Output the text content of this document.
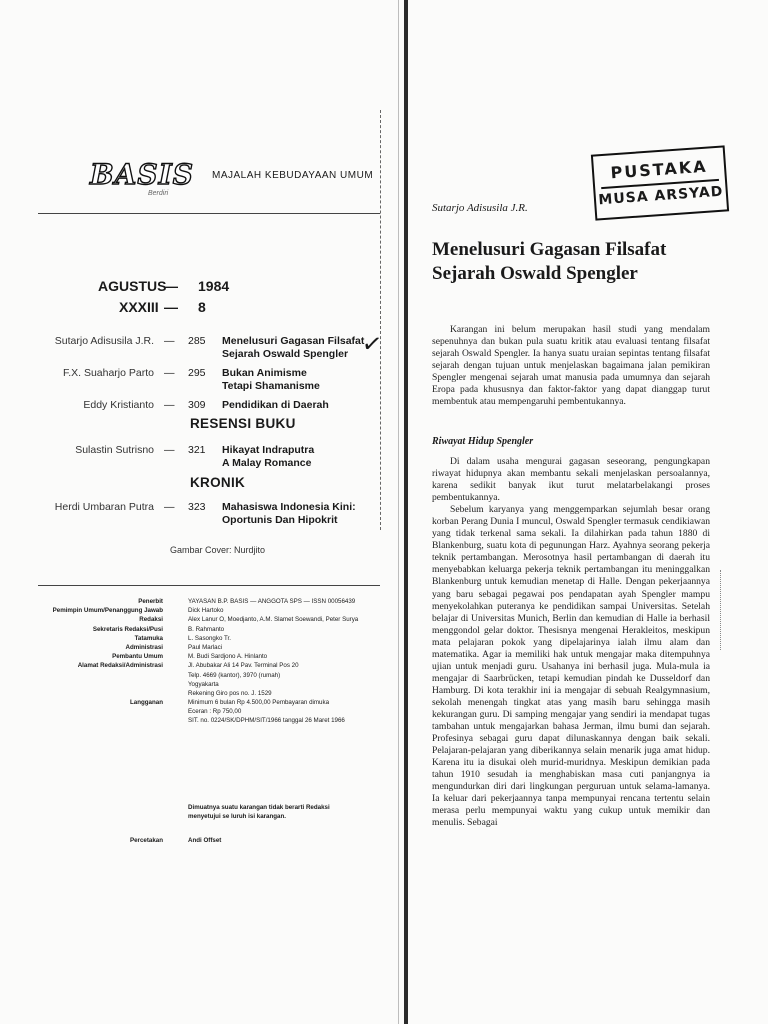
BASIS
Berdiri
MAJALAH KEBUDAYAAN UMUM
AGUSTUS
— 1984
XXXIII — 8
Sutarjo Adisusila J.R. — 285	Menelusuri Gagasan Filsafat Sejarah Oswald Spengler ✓
F.X. Suaharjo Parto — 295	Bukan Animisme Tetapi Shamanisme
Eddy Kristianto — 309	Pendidikan di Daerah
RESENSI BUKU
Sulastin Sutrisno — 321	Hikayat Indraputra A Malay Romance
KRONIK
Herdi Umbaran Putra — 323	Mahasiswa Indonesia Kini: Oportunis Dan Hipokrit
Gambar Cover: Nurdjito
Penerbit	YAYASAN B.P. BASIS — ANGGOTA SPS — ISSN 00056439
Pemimpin Umum/Penanggung Jawab	Dick Hartoko
Redaksi	Alex Lanur O, Moedjanto, A.M. Slamet Soewandi, Peter Surya
Sekretaris Redaksi/Pusi	B. Rahmanto
Tatamuka	L. Sasongko Tr.
Administrasi	Paul Marlaci
Pembantu Umum	M. Budi Sardjono A. Hinlanto
Alamat Redaksi/Administrasi	Jl. Abubakar Ali 14 Pav. Terminal Pos 20
Telp. 4669 (kantor), 3970 (rumah)
Yogyakarta
Rekening Giro pos no. J. 1529
Langganan	Minimum 6 bulan Rp 4.500,00 Pembayaran dimuka
Eceran : Rp 750,00
SIT. no. 0224/SK/DPHM/SIT/1966 tanggal 26 Maret 1966
Dimuatnya suatu karangan tidak berarti Redaksi menyetujui se luruh isi karangan.
Percetakan	Andi Offset
PUSTAKA
MUSA ARSYAD
Sutarjo Adisusila J.R.
Menelusuri Gagasan Filsafat Sejarah Oswald Spengler

Karangan ini belum merupakan hasil studi yang mendalam sepenuhnya dan bukan pula suatu kritik atau evaluasi tentang filsafat sejarah Oswald Spengler. Ia hanya suatu uraian sepintas tentang filsafat sejarah dengan tujuan untuk menjelaskan bagaimana jalan pemikiran Spengler mengenai sejarah umat manusia pada umumnya dan sejarah Eropa pada khususnya dan faktor-faktor yang dapat dianggap turut membentuk atau mempengaruhi pembentukannya.

Riwayat Hidup Spengler

Di dalam usaha mengurai gagasan seseorang, pengungkapan riwayat hidupnya akan membantu sekali menjelaskan persoalannya, karena sedikit banyak ikut turut melatarbelakangi proses pembentukannya.

Sebelum karyanya yang menggemparkan sejumlah besar orang korban Perang Dunia I muncul, Oswald Spengler termasuk cendikiawan yang tidak terkenal sama sekali. Ia dilahirkan pada tahun 1880 di Blankenburg, suatu kota di pegunungan Harz. Ayahnya seorang pekerja teknik pertambangan. Merosotnya hasil pertambangan di daerah itu menyebabkan keluarga pekerja teknik pertambangan itu meninggalkan Blankenburg untuk kemudian menetap di Halle. Dengan pekerjaannya yang baru sebagai pegawai pos pendapatan ayah Spengler mampu menyekolahkan puteranya ke pendidikan sampai Universitas. Setelah belajar di Universitas Munich, Berlin dan kemudian di Halle ia berhasil menggondol gelar doktor. Thesisnya mengenai Herakleitos, meskipun mata pelajaran pokok yang dipelajarinya ialah ilmu alam dan matematika. Agar ia memiliki hak untuk mengajar maka ditempuhnya ujian untuk menjadi guru. Usahanya ini berhasil juga. Mula-mula ia mengajar di Saarbrücken, tetapi kemudian pindah ke Dusseldorf dan Hamburg. Di kota terakhir ini ia mengajar di sebuah Realgymnasium, sekolah menengah tingkat atas yang masih baru sehingga masih kekurangan guru. Di samping mengajar yang sendiri ia mendapat tugas tambahan untuk mengajarkan bahasa Jerman, ilmu bumi dan sejarah. Profesinya sebagai guru dapat dilunaskannya dengan baik sekali. Pelajaran-pelajaran yang diberikannya selain menarik juga amat hidup. Karena itu ia disukai oleh murid-muridnya. Meskipun demikian pada tahun 1910 sesudah ia menghabiskan masa cuti panjangnya ia mengundurkan diri dari lingkungan perguruan untuk selama-lamanya. Ia keluar dari pekerjaannya tanpa mempunyai rencana tertentu selain merasa perlu mempunyai waktu yang cukup untuk memikir dan menulis. Sebagai
